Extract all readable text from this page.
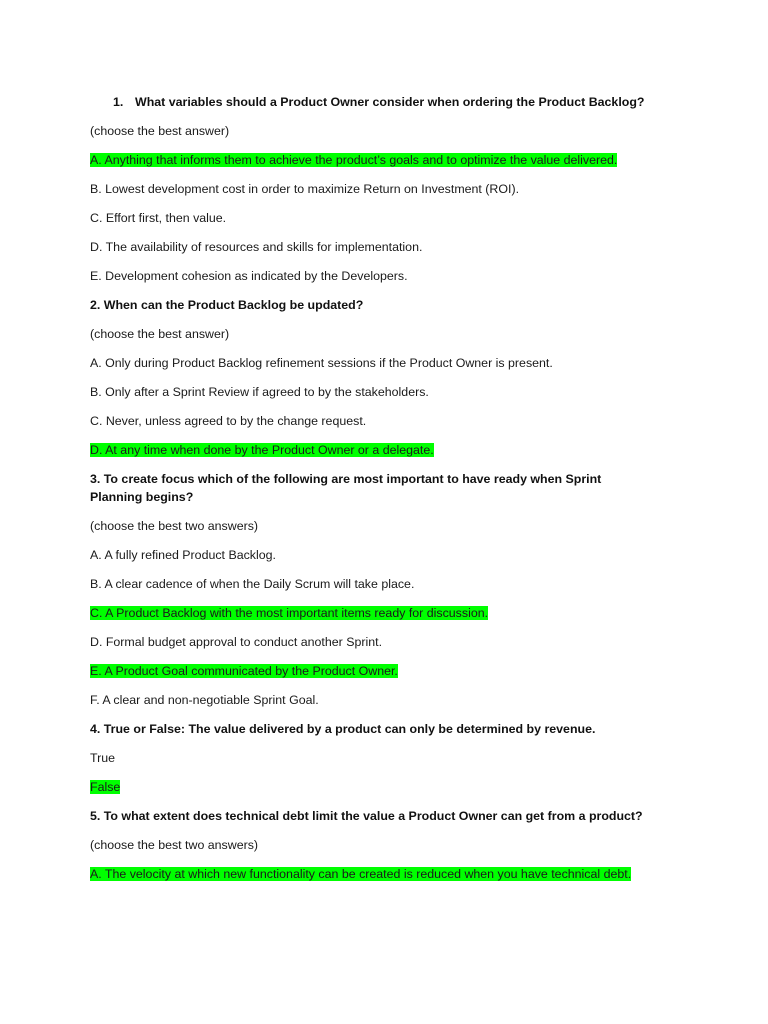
1. What variables should a Product Owner consider when ordering the Product Backlog?

(choose the best answer)

A. Anything that informs them to achieve the product’s goals and to optimize the value delivered.

B. Lowest development cost in order to maximize Return on Investment (ROI).

C. Effort first, then value.

D. The availability of resources and skills for implementation.

E. Development cohesion as indicated by the Developers.

2. When can the Product Backlog be updated?

(choose the best answer)

A. Only during Product Backlog refinement sessions if the Product Owner is present.

B. Only after a Sprint Review if agreed to by the stakeholders.

C. Never, unless agreed to by the change request.

D. At any time when done by the Product Owner or a delegate.

3. To create focus which of the following are most important to have ready when Sprint Planning begins?

(choose the best two answers)

A. A fully refined Product Backlog.

B. A clear cadence of when the Daily Scrum will take place.

C. A Product Backlog with the most important items ready for discussion.

D. Formal budget approval to conduct another Sprint.

E. A Product Goal communicated by the Product Owner.

F. A clear and non-negotiable Sprint Goal.

4. True or False: The value delivered by a product can only be determined by revenue.

True

False

5. To what extent does technical debt limit the value a Product Owner can get from a product?

(choose the best two answers)

A. The velocity at which new functionality can be created is reduced when you have technical debt.
